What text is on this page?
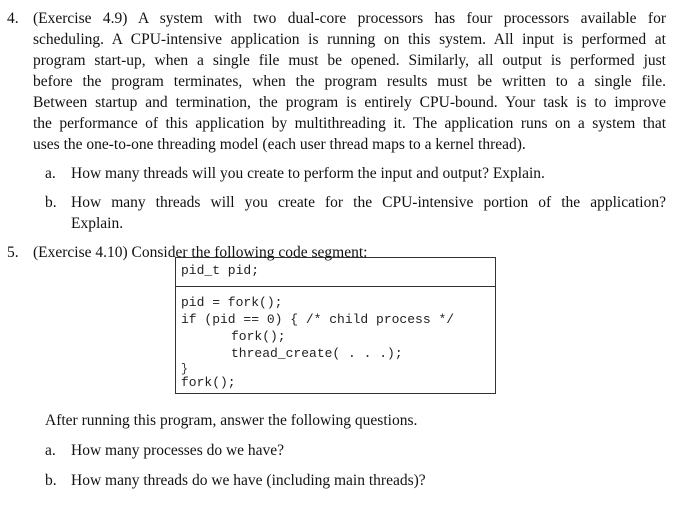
4. (Exercise 4.9) A system with two dual-core processors has four processors available for
scheduling. A CPU-intensive application is running on this system. All input is performed at
program start-up, when a single file must be opened. Similarly, all output is performed just
before the program terminates, when the program results must be written to a single file.
Between startup and termination, the program is entirely CPU-bound. Your task is to improve
the performance of this application by multithreading it. The application runs on a system that
uses the one-to-one threading model (each user thread maps to a kernel thread).
a. How many threads will you create to perform the input and output? Explain.
b. How many threads will you create for the CPU-intensive portion of the application?
Explain.
5. (Exercise 4.10) Consider the following code segment:
pid_t pid;
pid = fork();
if (pid == 0) { /* child process */
fork();
thread_create( . . .);
}
fork();
After running this program, answer the following questions.
a. How many processes do we have?
b. How many threads do we have (including main threads)?
